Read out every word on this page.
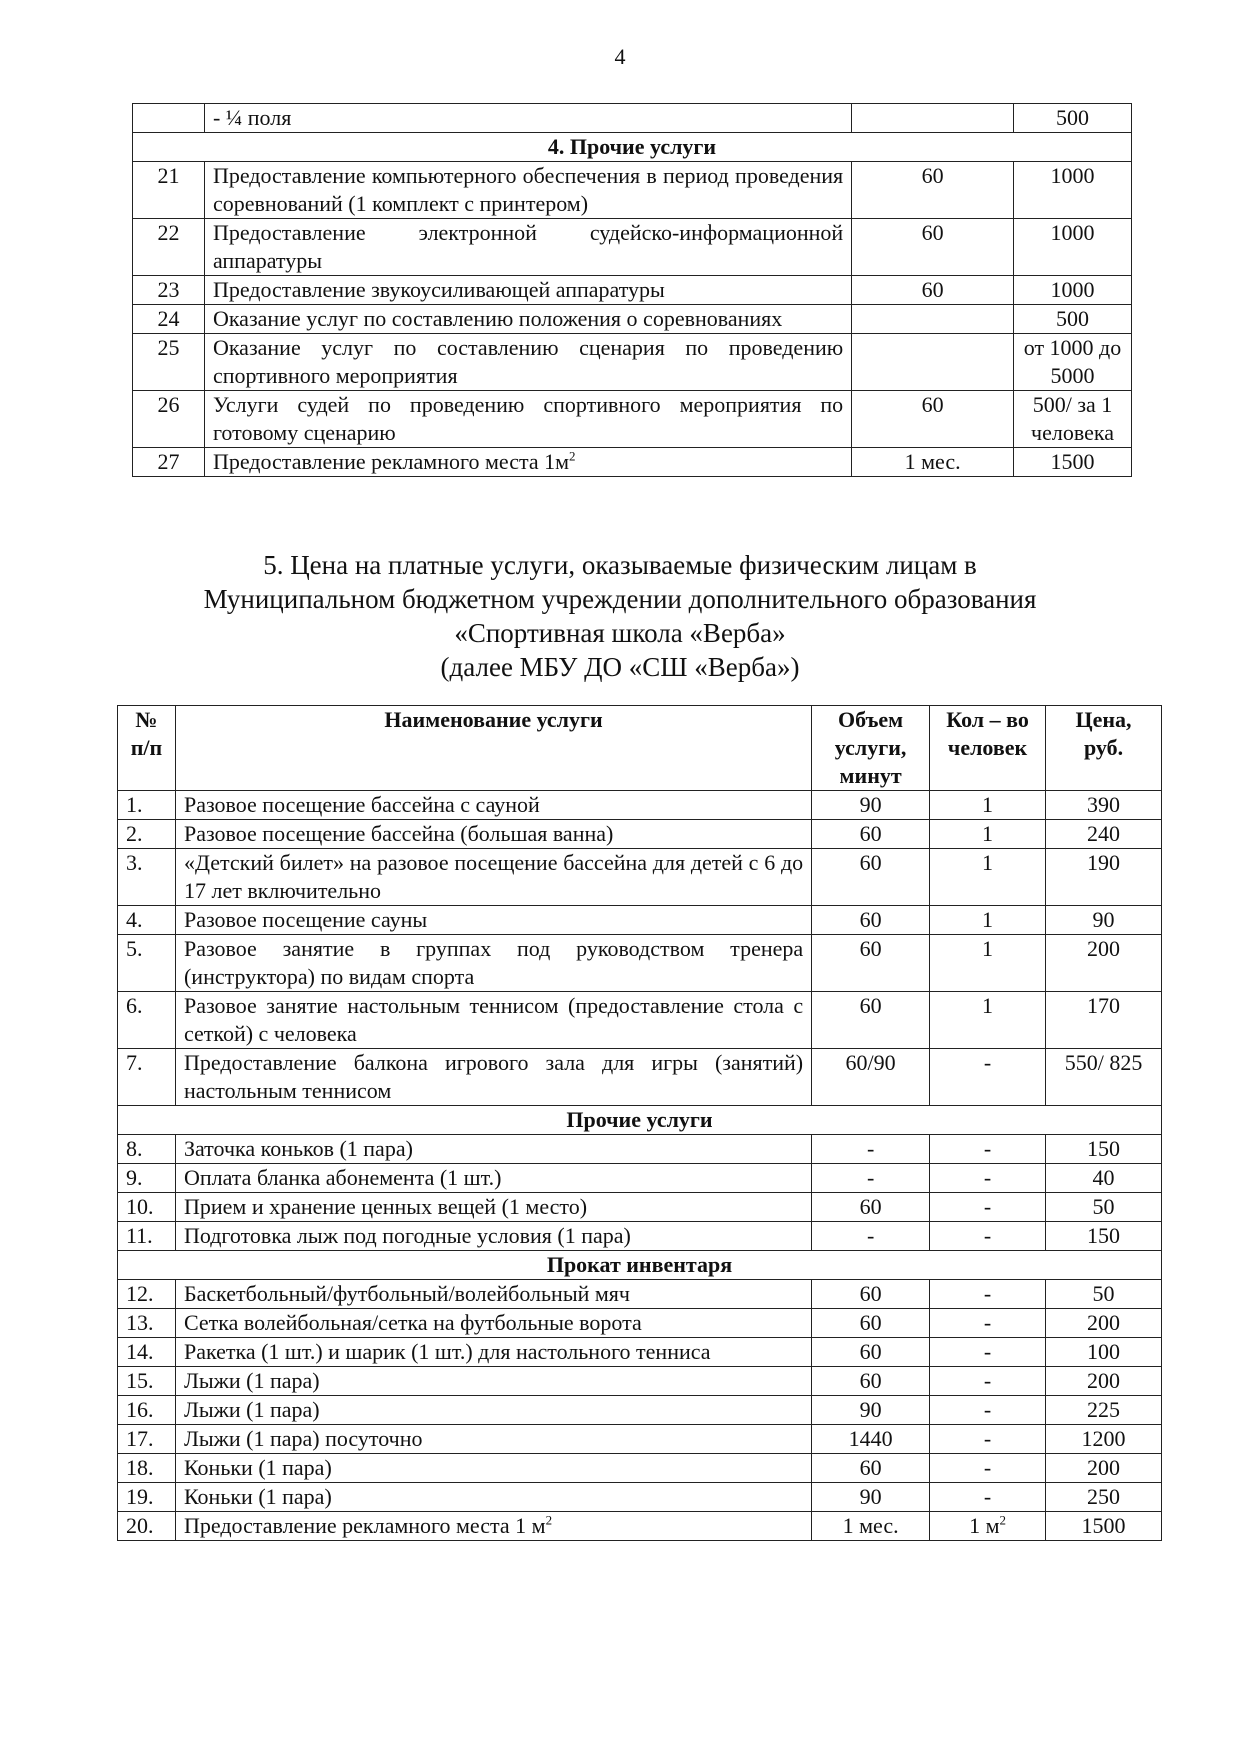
4
	- ¼ поля		500
4. Прочие услуги			
21	Предоставление компьютерного обеспечения в период проведения соревнований (1 комплект с принтером)	60	1000
22	Предоставление электронной судейско-информационной аппаратуры	60	1000
23	Предоставление звукоусиливающей аппаратуры	60	1000
24	Оказание услуг по составлению положения о соревнованиях		500
25	Оказание услуг по составлению сценария по проведению спортивного мероприятия		от 1000 до 5000
26	Услуги судей по проведению спортивного мероприятия по готовому сценарию	60	500/ за 1 человека
27	Предоставление рекламного места $1м^2$	1 мес.	1500
5. Цена на платные услуги, оказываемые физическим лицам в
Муниципальном бюджетном учреждении дополнительного образования
«Спортивная школа «Верба»
(далее МБУ ДО «СШ «Верба»)
№ п/п	Наименование услуги	Объем услуги, минут	Кол – во человек	Цена, руб.
1.	Разовое посещение бассейна с сауной	90	1	390
2.	Разовое посещение бассейна (большая ванна)	60	1	240
3.	«Детский билет» на разовое посещение бассейна для детей с 6 до 17 лет включительно	60	1	190
4.	Разовое посещение сауны	60	1	90
5.	Разовое занятие в группах под руководством тренера (инструктора) по видам спорта	60	1	200
6.	Разовое занятие настольным теннисом (предоставление стола с сеткой) с человека	60	1	170
7.	Предоставление балкона игрового зала для игры (занятий) настольным теннисом	60/90	-	550/ 825
Прочие услуги				
8.	Заточка коньков (1 пара)	-	-	150
9.	Оплата бланка абонемента (1 шт.)	-	-	40
10.	Прием и хранение ценных вещей (1 место)	60	-	50
11.	Подготовка лыж под погодные условия (1 пара)	-	-	150
Прокат инвентаря				
12.	Баскетбольный/футбольный/волейбольный мяч	60	-	50
13.	Сетка волейбольная/сетка на футбольные ворота	60	-	200
14.	Ракетка (1 шт.) и шарик (1 шт.) для настольного тенниса	60	-	100
15.	Лыжи (1 пара)	60	-	200
16.	Лыжи (1 пара)	90	-	225
17.	Лыжи (1 пара) посуточно	1440	-	1200
18.	Коньки (1 пара)	60	-	200
19.	Коньки (1 пара)	90	-	250
20.	Предоставление рекламного места 1 $м^2$	1 мес.	1 $м^2$	1500
